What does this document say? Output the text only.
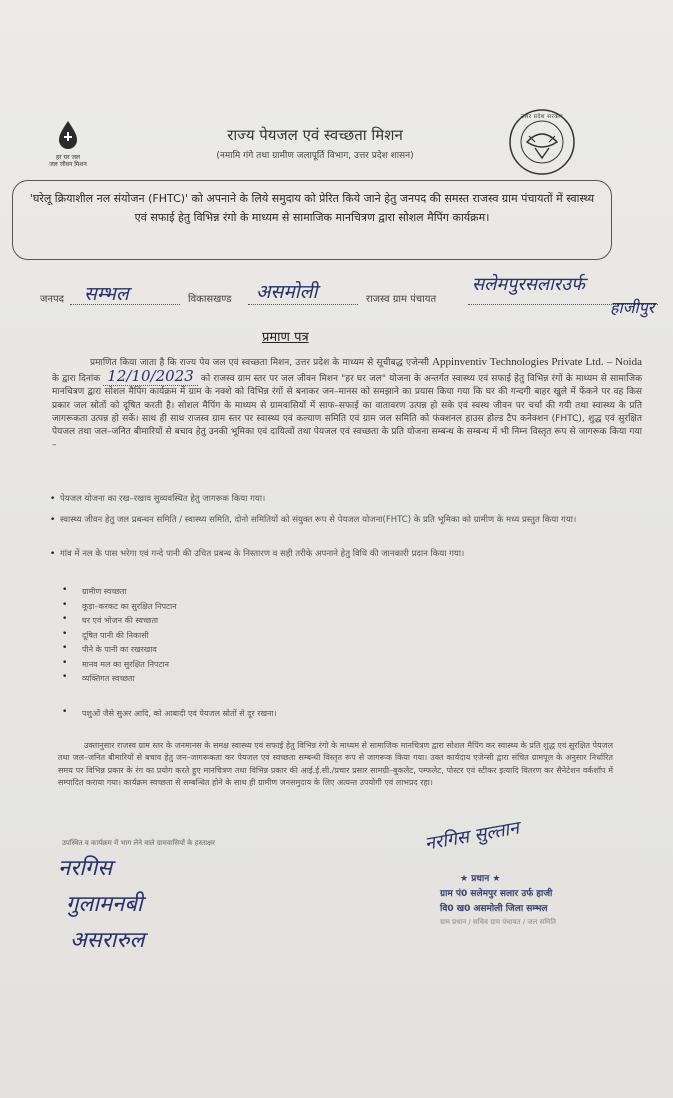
हर घर जल
जल जीवन मिशन
राज्य पेयजल एवं स्वच्छता मिशन
(नमामि गंगे तथा ग्रामीण जलापूर्ति विभाग, उत्तर प्रदेश शासन)
उत्तर प्रदेश सरकार
'घरेलू क्रियाशील नल संयोजन (FHTC)' को अपनाने के लिये समुदाय को प्रेरित किये जाने हेतु जनपद की समस्त राजस्व ग्राम पंचायतों में स्वास्थ्य एवं सफाई हेतु विभिन्न रंगो के माध्यम से सामाजिक मानचित्रण द्वारा सोशल मैपिंग कार्यक्रम।
जनपद सम्भल	विकासखण्ड असमोली	राजस्व ग्राम पंचायत
सलेमपुरसलारउर्फ
हाजीपुर
प्रमाण पत्र
प्रमाणित किया जाता है कि राज्य पेय जल एवं स्वच्छता मिशन, उत्तर प्रदेश के माध्यम से सूचीबद्ध एजेन्सी Appinventiv Technologies Private Ltd. – Noida के द्वारा दिनांक 12/10/2023 को राजस्व ग्राम स्तर पर जल जीवन मिशन "हर घर जल" योजना के अन्तर्गत स्वास्थ्य एवं सफाई हेतु विभिन्न रंगों के माध्यम से सामाजिक मानचित्रण द्वारा सोशल मैपिंग कार्यक्रम में ग्राम के नक्शे को विभिन्न रंगों से बनाकर जन–मानस को समझाने का प्रयास किया गया कि घर की गन्दगी बाहर खुले में फेंकने पर वह किस प्रकार जल स्रोतों को दूषित करती है। सोशल मैपिंग के माध्यम से ग्रामवासियों में साफ–सफाई का वातावरण उत्पन्न हो सके एवं स्वस्थ जीवन पर चर्चा की गयी तथा स्वास्थ्य के प्रति जागरूकता उत्पन्न हो सकें। साथ ही साथ राजस्व ग्राम स्तर पर स्वास्थ्य एवं कल्याण समिति एवं ग्राम जल समिति को फंक्शनल हाउस होल्ड टैप कनेक्शन (FHTC), शुद्ध एवं सुरक्षित पेयजल तथा जल–जनित बीमारियों से बचाव हेतु उनकी भूमिका एवं दायित्वों तथा पेयजल एवं स्वच्छता के प्रति योजना सम्बन्ध के सम्बन्ध में भी निम्न विस्तृत रूप से जागरूक किया गया –
• पेयजल योजना का रख–रखाव सुव्यवस्थित हेतु जागरूक किया गया।
• स्वास्थ्य जीवन हेतु जल प्रबन्धन समिति / स्वास्थ्य समिति, दोनो समितियों को संयुक्त रूप से पेयजल योजना(FHTC) के प्रति भूमिका को ग्रामीण के मध्य प्रस्तुत किया गया।
• गांव में नल के पास भरेगा एवं गन्दे पानी की उचित प्रबन्ध के निस्तारण व सही तरीके अपनाने हेतु विधि की जानकारी प्रदान किया गया।
• ग्रामीण स्वच्छता
• कूड़ा–करकट का सुरक्षित निपटान
• घर एवं भोजन की स्वच्छता
• दूषित पानी की निकासी
• पीने के पानी का रखरखाव
• मानव मल का सुरक्षित निपटान
• व्यक्तिगत स्वच्छता
• पशुओं जैसे सुअर आदि, को आबादी एवं पेयजल स्रोतों से दूर रखना।
उक्तानुसार राजस्व ग्राम स्तर के जनमानस के समक्ष स्वास्थ्य एवं सफाई हेतु विभिन्न रंगो के माध्यम से सामाजिक मानचित्रण द्वारा सोशल मैपिंग कर स्वास्थ्य के प्रति शुद्ध एवं सुरक्षित पेयजल तथा जल–जनित बीमारियों से बचाव हेतु जन–जागरूकता कर पेयजल एवं स्वच्छता सम्बन्धी विस्तृत रूप से जागरूक किया गया। उक्त कार्यदाय एजेन्सी द्वारा संचित ग्रामपूल के अनुसार निर्धारित समय पर विभिन्न प्रकार के रंग का प्रयोग करते हुए मानचित्रण तथा विभिन्न प्रकार की आई.ई.सी./प्रचार प्रसार सामग्री–बुकलेट, पम्फलेट, पोस्टर एवं स्टीकर इत्यादि वितरण कर सैनेटेशन वर्कशॉप में सम्पादित कराया गया। कार्यक्रम स्वच्छता से सम्बन्धित होने के साथ ही ग्रामीण जनसमुदाय के लिए अत्यन्त उपयोगी एवं लाभप्रद रहा।
उपस्थित व कार्यक्रम में भाग लेने वाले ग्रामवासियों के हस्ताक्षर
नरगिस
गुलामनबी
असरारुल
नरगिस सुल्तान
★ प्रधान ★
ग्राम पं0 सलेमपुर सलार उर्फ हाजी
वि0 ख0 असमोली जिला सम्भल
ग्राम प्रधान / सचिव ग्राम पंचायत / जल समिति
